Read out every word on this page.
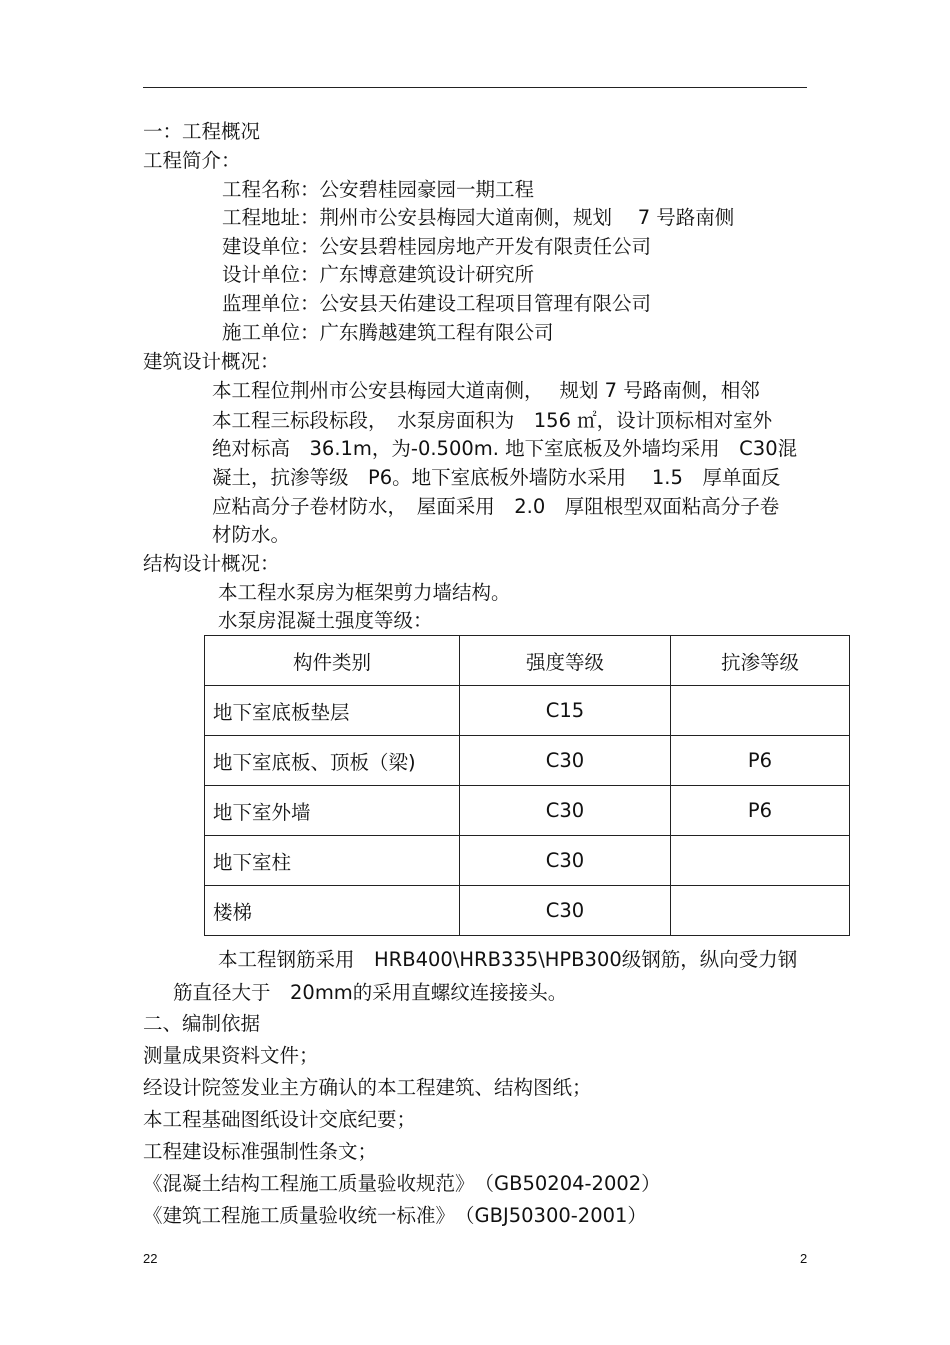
一：工程概况
工程简介：
工程名称：公安碧桂园豪园一期工程
工程地址：荆州市公安县梅园大道南侧，规划　 7 号路南侧
建设单位：公安县碧桂园房地产开发有限责任公司
设计单位：广东博意建筑设计研究所
监理单位：公安县天佑建设工程项目管理有限公司
施工单位：广东腾越建筑工程有限公司
建筑设计概况：
本工程位荆州市公安县梅园大道南侧，　 规划 7 号路南侧，相邻
本工程三标段标段，　水泵房面积为　156 ㎡，设计顶标相对室外
绝对标高　36.1m，为-0.500m. 地下室底板及外墙均采用　C30混
凝土，抗渗等级　P6。地下室底板外墙防水采用　 1.5　厚单面反
应粘高分子卷材防水，　屋面采用　2.0　厚阻根型双面粘高分子卷
材防水。
结构设计概况：
本工程水泵房为框架剪力墙结构。
水泵房混凝土强度等级：
构件类别	强度等级	抗渗等级
地下室底板垫层	C15	
地下室底板、顶板（梁)	C30	P6
地下室外墙	C30	P6
地下室柱	C30	
楼梯	C30	
本工程钢筋采用　HRB400\HRB335\HPB300级钢筋，纵向受力钢
筋直径大于　20mm的采用直螺纹连接接头。
二、编制依据
测量成果资料文件；
经设计院签发业主方确认的本工程建筑、结构图纸；
本工程基础图纸设计交底纪要；
工程建设标准强制性条文；
《混凝土结构工程施工质量验收规范》　（GB50204-2002）
《建筑工程施工质量验收统一标准》　（GBJ50300-2001）
22	2
